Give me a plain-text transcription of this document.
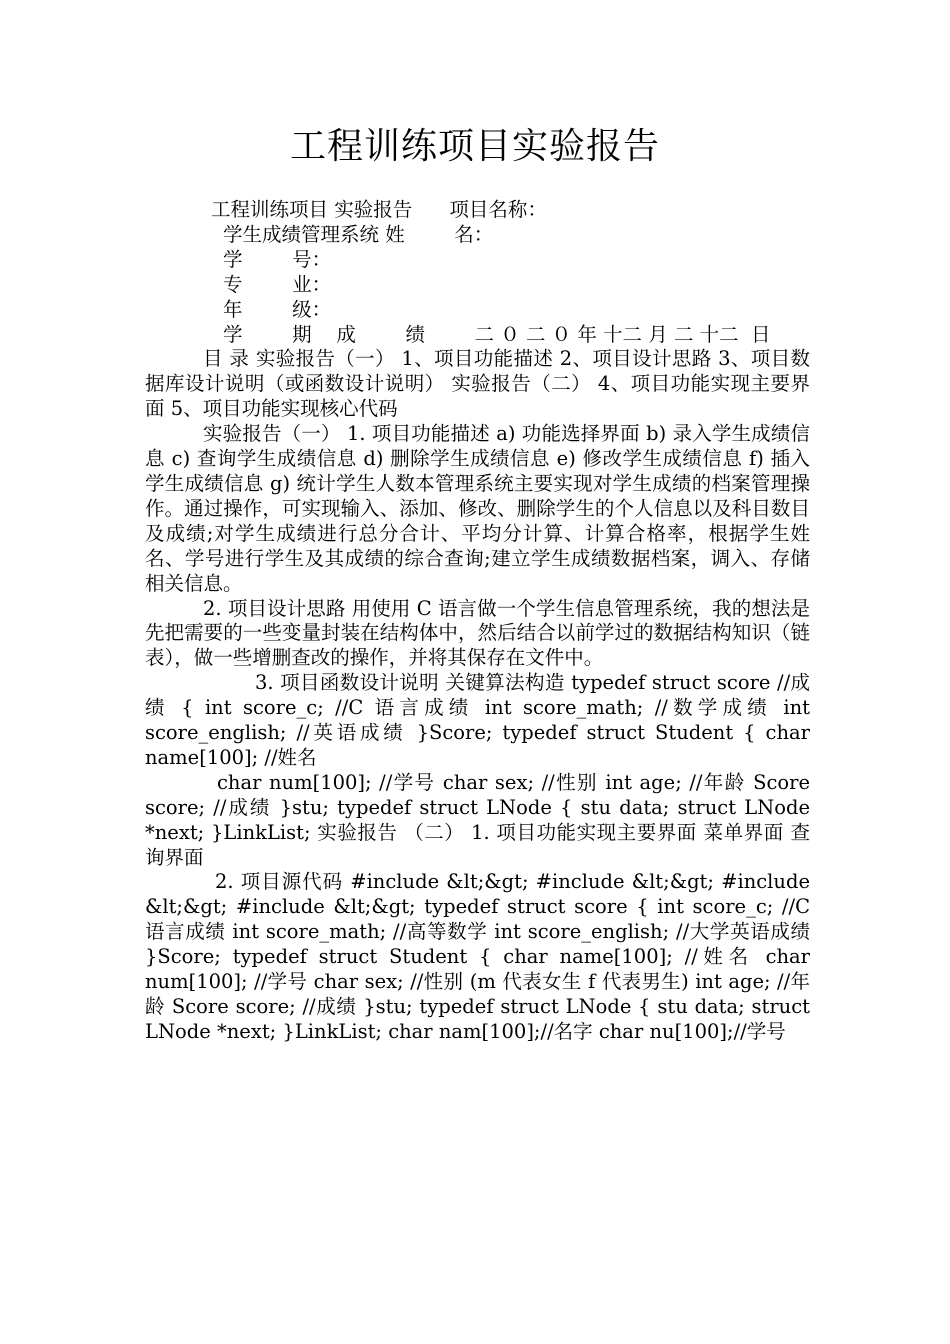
工程训练项目实验报告

工程训练项目 实验报告      项目名称：

学生成绩管理系统 姓        名：

学        号：

专        业：

年        级：

学        期    成        绩        二 ０ 二 ０ 年 十二 月 二 十二  日

目 录 实验报告（一） 1、项目功能描述 2、项目设计思路 3、项目数据库设计说明（或函数设计说明） 实验报告（二） 4、项目功能实现主要界面 5、项目功能实现核心代码

实验报告（一） 1. 项目功能描述 a) 功能选择界面 b) 录入学生成绩信息 c) 查询学生成绩信息 d) 删除学生成绩信息 e) 修改学生成绩信息 f) 插入学生成绩信息 g) 统计学生人数本管理系统主要实现对学生成绩的档案管理操作。通过操作，可实现输入、添加、修改、删除学生的个人信息以及科目数目及成绩;对学生成绩进行总分合计、平均分计算、计算合格率，根据学生姓名、学号进行学生及其成绩的综合查询;建立学生成绩数据档案，调入、存储相关信息。

2. 项目设计思路 用使用 C 语言做一个学生信息管理系统，我的想法是先把需要的一些变量封装在结构体中，然后结合以前学过的数据结构知识（链表），做一些增删查改的操作，并将其保存在文件中。

3. 项目函数设计说明 关键算法构造 typedef struct score //成绩 { int score_c; //C 语言成绩 int score_math; //数学成绩 int score_english; //英语成绩 }Score; typedef struct Student { char name[100]; //姓名

char num[100]; //学号 char sex; //性别 int age; //年龄 Score score; //成绩 }stu; typedef struct LNode { stu data; struct LNode *next; }LinkList; 实验报告 （二） 1. 项目功能实现主要界面 菜单界面 查询界面

2. 项目源代码 #include &lt;&gt; #include &lt;&gt; #include &lt;&gt; #include &lt;&gt; typedef struct score { int score_c; //C 语言成绩 int score_math; //高等数学 int score_english; //大学英语成绩 }Score; typedef struct Student { char name[100]; //姓名 char num[100]; //学号 char sex; //性别 (m 代表女生 f 代表男生) int age; //年龄 Score score; //成绩 }stu; typedef struct LNode { stu data; struct LNode *next; }LinkList; char nam[100];//名字 char nu[100];//学号
